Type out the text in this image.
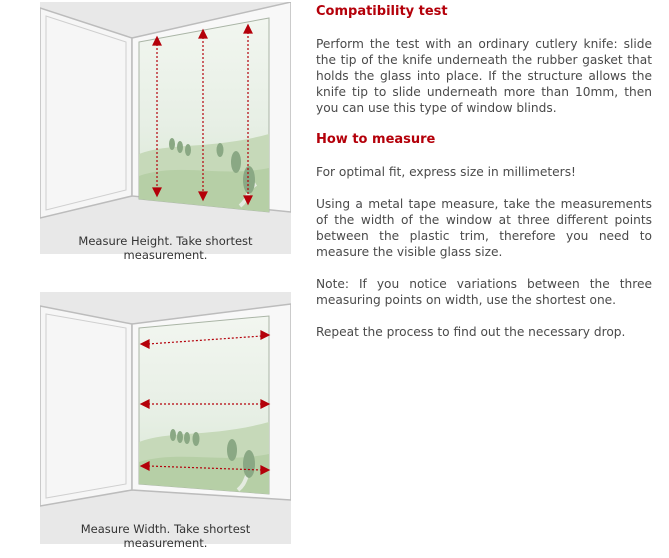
Measure Height. Take shortest measurement.
Measure Width. Take shortest measurement.
Compatibility test

Perform the test with an ordinary cutlery knife: slide the tip of the knife underneath the rubber gasket that holds the glass into place. If the structure allows the knife tip to slide underneath more than 10mm, then you can use this type of window blinds.

How to measure

For optimal fit, express size in millimeters!

Using a metal tape measure, take the measurements of the width of the window at three different points between the plastic trim, therefore you need to measure the visible glass size.

Note: If you notice variations between the three measuring points on width, use the shortest one.

Repeat the process to find out the necessary drop.
